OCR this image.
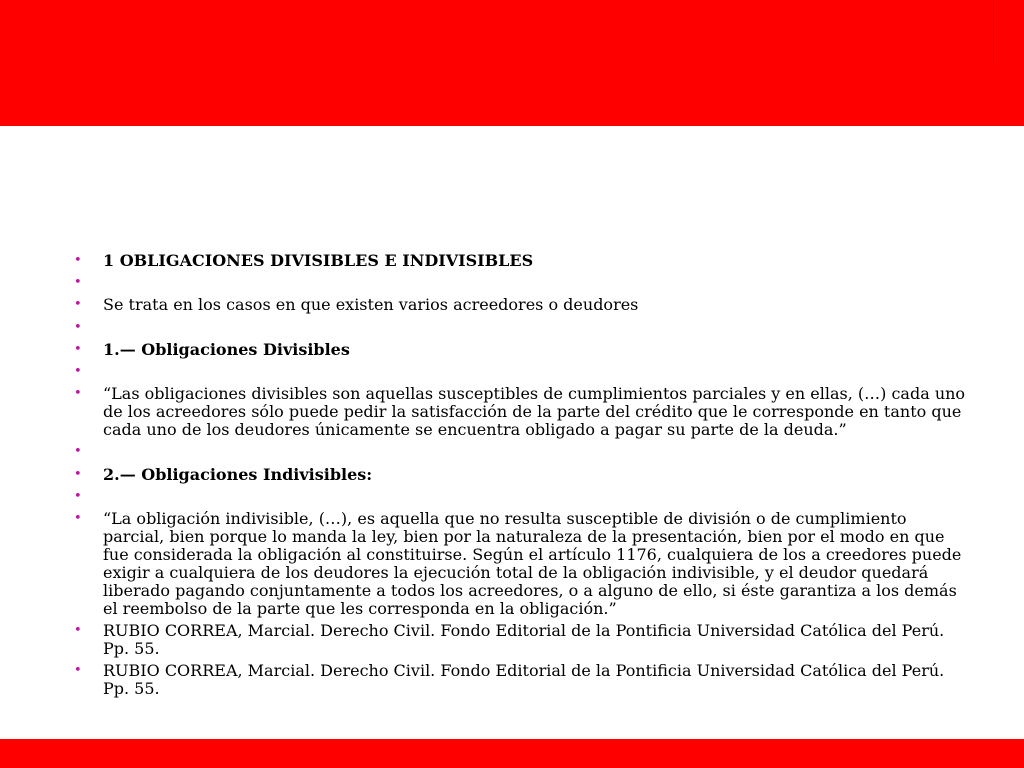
• 1 OBLIGACIONES DIVISIBLES E INDIVISIBLES
•
• Se trata en los casos en que existen varios acreedores o deudores
•
• 1.— Obligaciones Divisibles
•
• “Las obligaciones divisibles son aquellas susceptibles de cumplimientos parciales y en ellas, (…) cada uno de los acreedores sólo puede pedir la satisfacción de la parte del crédito que le corresponde en tanto que cada uno de los deudores únicamente se encuentra obligado a pagar su parte de la deuda.”
•
• 2.— Obligaciones Indivisibles:
•
• “La obligación indivisible, (…), es aquella que no resulta susceptible de división o de cumplimiento parcial, bien porque lo manda la ley, bien por la naturaleza de la presentación, bien por el modo en que fue considerada la obligación al constituirse. Según el artículo 1176, cualquiera de los a creedores puede exigir a cualquiera de los deudores la ejecución total de la obligación indivisible, y el deudor quedará liberado pagando conjuntamente a todos los acreedores, o a alguno de ello, si éste garantiza a los demás el reembolso de la parte que les corresponda en la obligación.”
• RUBIO CORREA, Marcial. Derecho Civil. Fondo Editorial de la Pontificia Universidad Católica del Perú. Pp. 55.
• RUBIO CORREA, Marcial. Derecho Civil. Fondo Editorial de la Pontificia Universidad Católica del Perú. Pp. 55.
